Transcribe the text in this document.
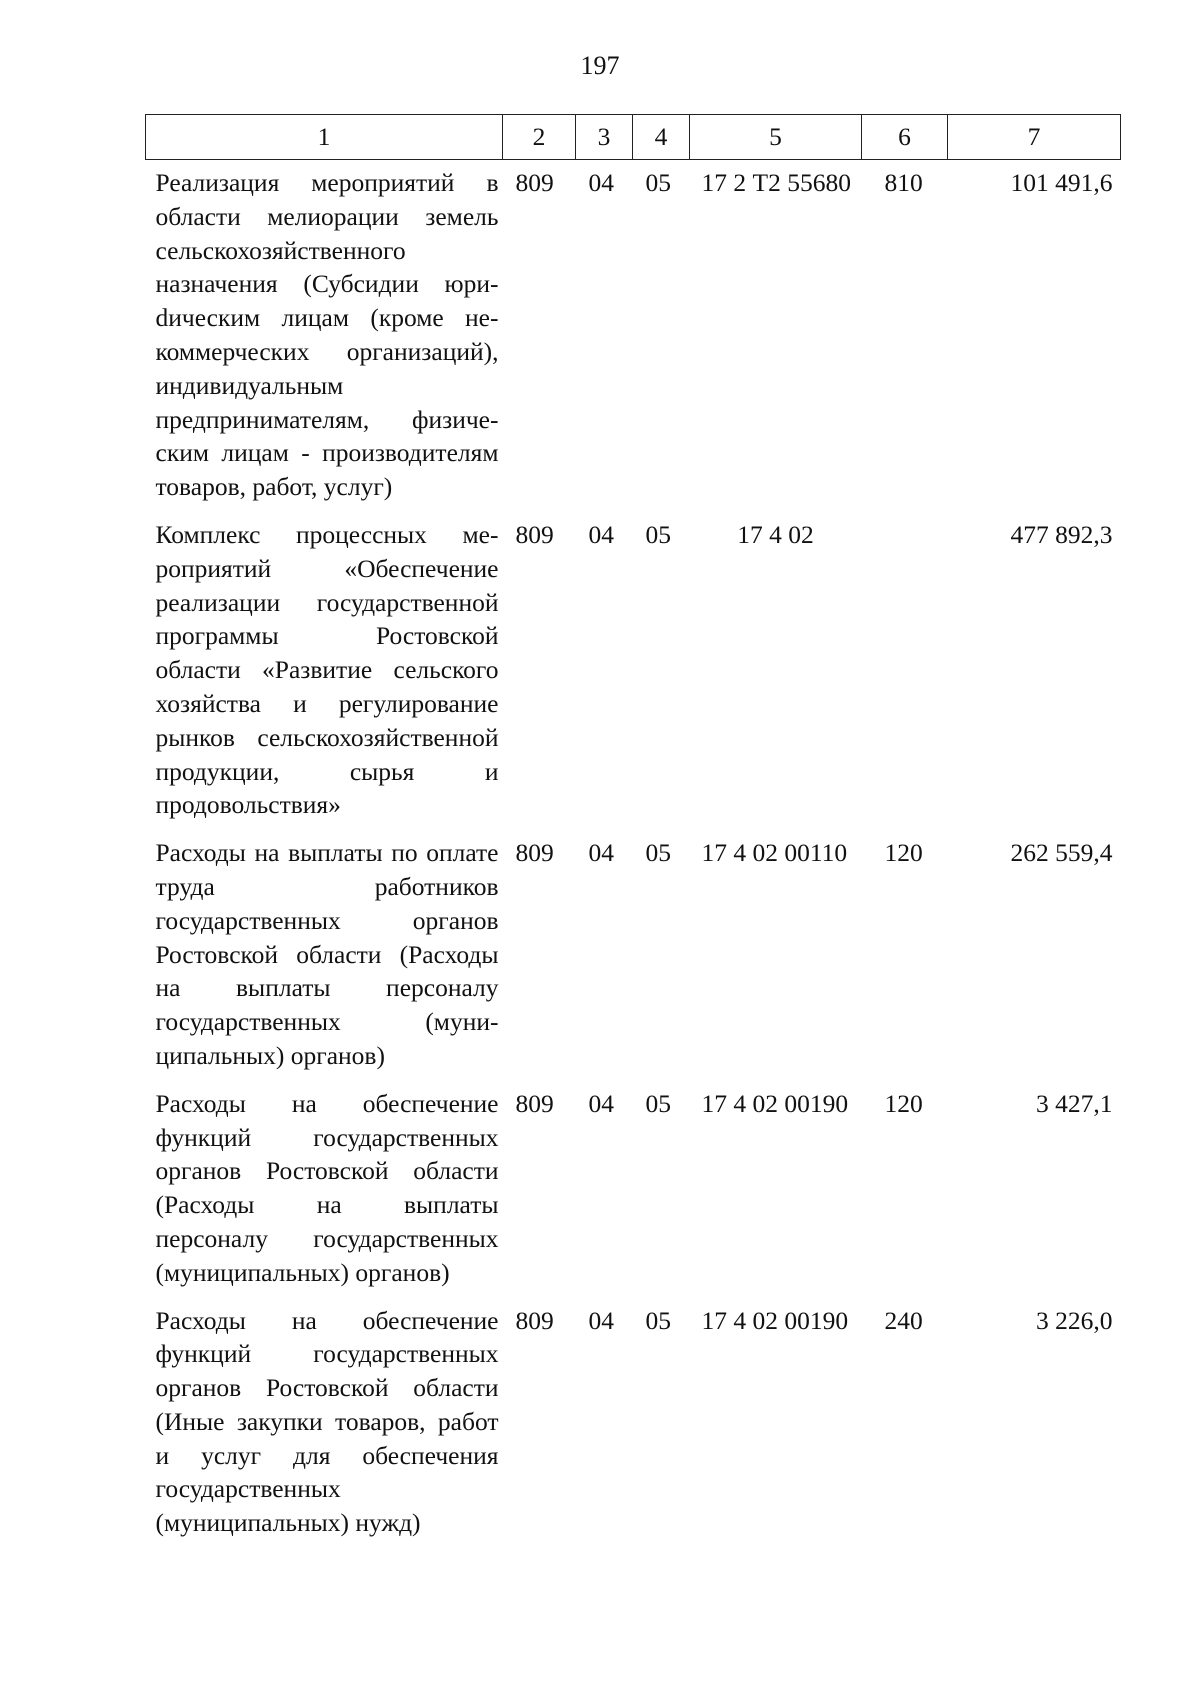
197
1	2	3	4	5	6	7
Реализация мероприятий в области мелиорации земель сельскохозяйственного назначения (Субсидии юриdическим лицам (кроме некоммерческих организаций), индивидуальным предпринимателям, физическим лицам - производителям товаров, работ, услуг)	809	04	05	17 2 Т2 55680	810	101 491,6
Комплекс процессных мероприятий «Обеспечение реализации государственной программы Ростовской области «Развитие сельского хозяйства и регулирование рынков сельскохозяйственной продукции, сырья и продовольствия»	809	04	05	17 4 02		477 892,3
Расходы на выплаты по оплате труда работников государственных органов Ростовской области (Расходы на выплаты персоналу государственных (муниципальных) органов)	809	04	05	17 4 02 00110	120	262 559,4
Расходы на обеспечение функций государственных органов Ростовской области (Расходы на выплаты персоналу государственных (муниципальных) органов)	809	04	05	17 4 02 00190	120	3 427,1
Расходы на обеспечение функций государственных органов Ростовской области (Иные закупки товаров, работ и услуг для обеспечения государственных (муниципальных) нужд)	809	04	05	17 4 02 00190	240	3 226,0
